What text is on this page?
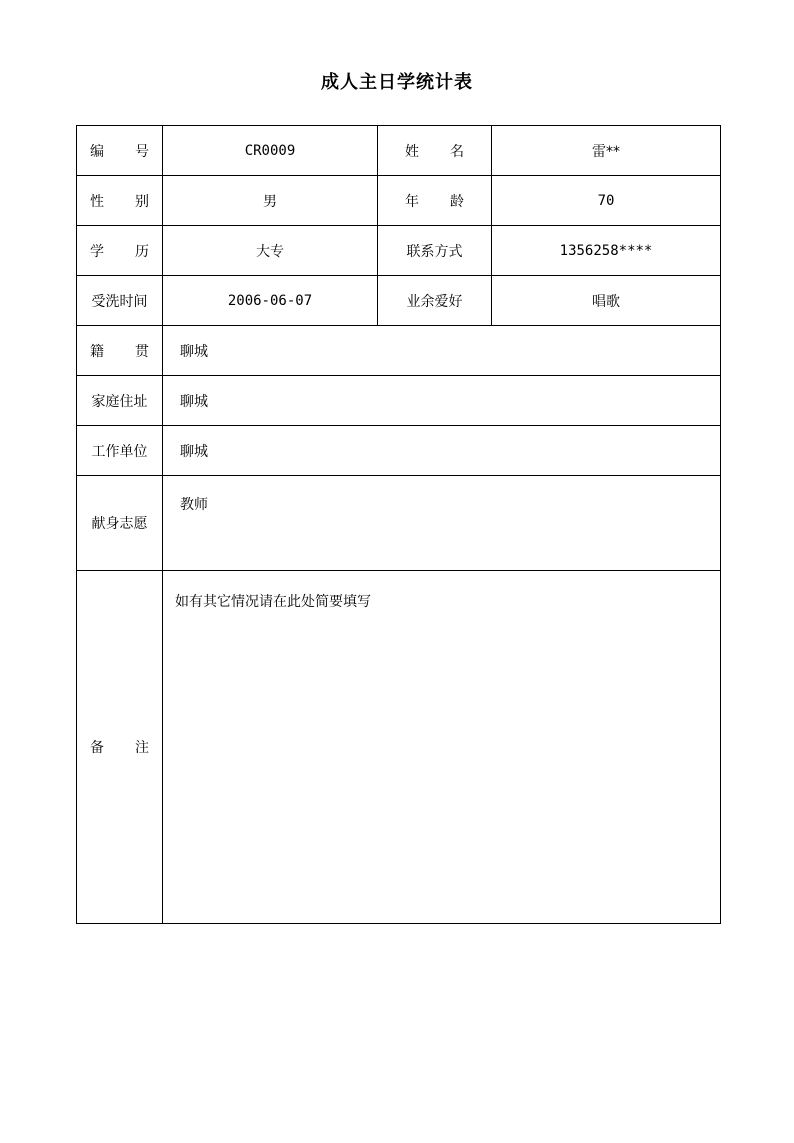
成人主日学统计表
编 号	CR0009	姓 名	雷**

性 别	男	年 龄	70

学 历	大专	联系方式	1356258****
受洗时间	2006-06-07	业余爱好	唱歌

籍 贯	聊城		
家庭住址	聊城		
工作单位	聊城		
献身志愿	教师		

备 注	如有其它情况请在此处简要填写		
